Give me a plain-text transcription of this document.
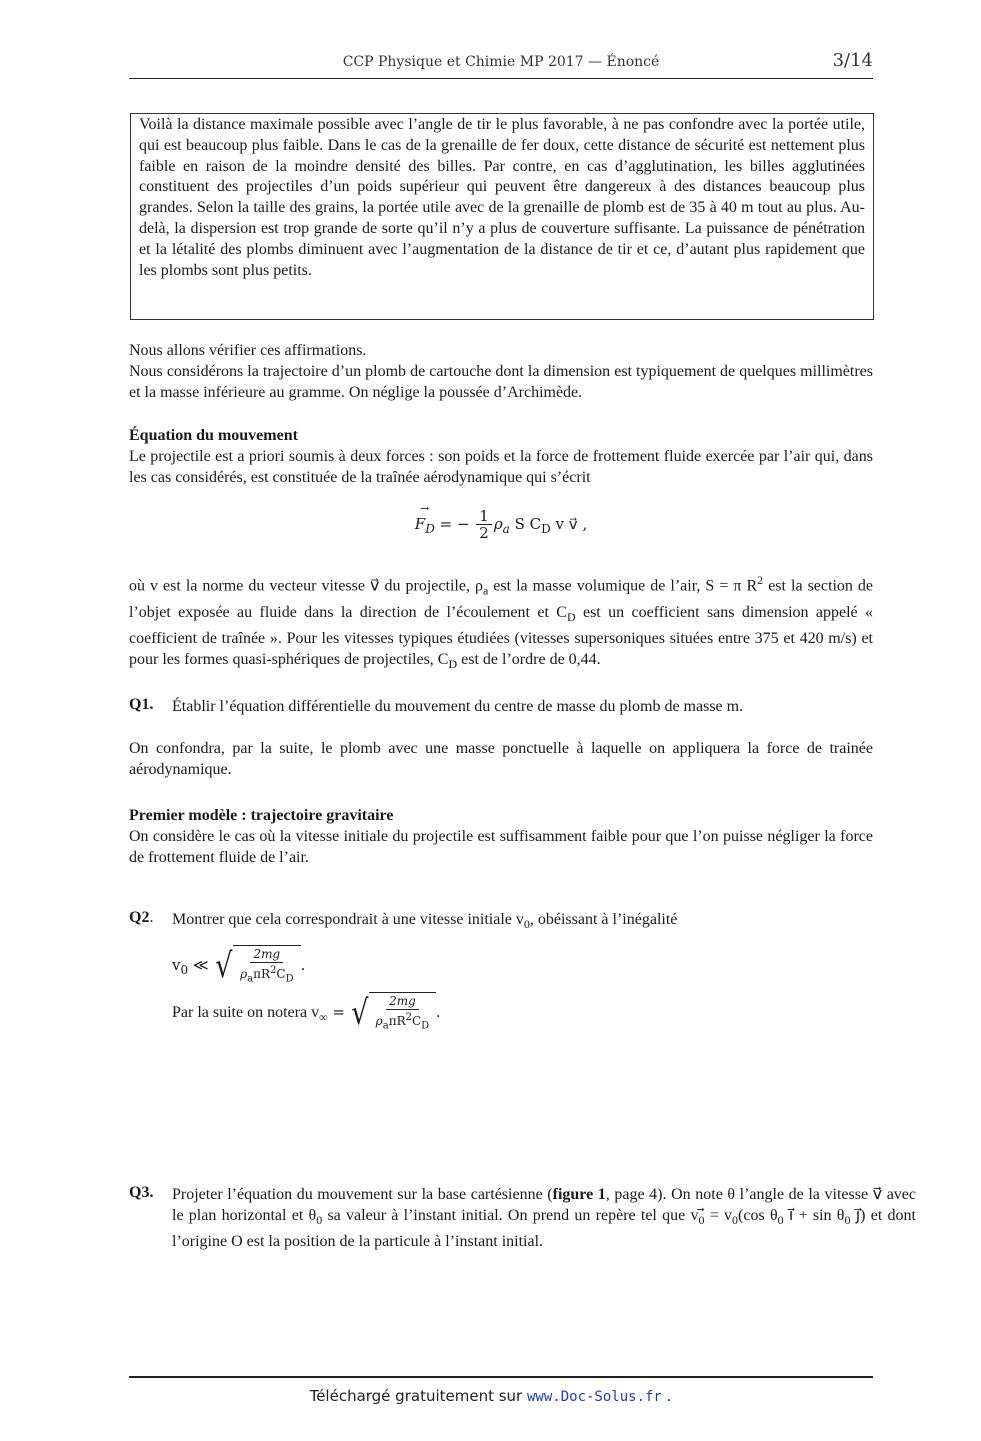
CCP Physique et Chimie MP 2017 — Énoncé	3/14

Voilà la distance maximale possible avec l’angle de tir le plus favorable, à ne pas confondre avec la portée utile, qui est beaucoup plus faible. Dans le cas de la grenaille de fer doux, cette distance de sécurité est nettement plus faible en raison de la moindre densité des billes. Par contre, en cas d’agglutination, les billes agglutinées constituent des projectiles d’un poids supérieur qui peuvent être dangereux à des distances beaucoup plus grandes. Selon la taille des grains, la portée utile avec de la grenaille de plomb est de 35 à 40 m tout au plus. Au-delà, la dispersion est trop grande de sorte qu’il n’y a plus de couverture suffisante. La puissance de pénétration et la létalité des plombs diminuent avec l’augmentation de la distance de tir et ce, d’autant plus rapidement que les plombs sont plus petits.

Nous allons vérifier ces affirmations.

Nous considérons la trajectoire d’un plomb de cartouche dont la dimension est typiquement de quelques millimètres et la masse inférieure au gramme. On néglige la poussée d’Archimède.

Équation du mouvement

Le projectile est a priori soumis à deux forces : son poids et la force de frottement fluide exercée par l’air qui, dans les cas considérés, est constituée de la traînée aérodynamique qui s’écrit

→ $F_D$ = − $\frac{1}{2} \rho_a$ S $C_D$ v v⃗ ,

où v est la norme du vecteur vitesse v⃗ du projectile, $\rho_a$ est la masse volumique de l’air, S = π $R^2$ est la section de l’objet exposée au fluide dans la direction de l’écoulement et $C_D$ est un coefficient sans dimension appelé « coefficient de traînée ». Pour les vitesses typiques étudiées (vitesses supersoniques situées entre 375 et 420 m/s) et pour les formes quasi-sphériques de projectiles, $C_D$ est de l’ordre de 0,44.

Q1. Établir l’équation différentielle du mouvement du centre de masse du plomb de masse m.

On confondra, par la suite, le plomb avec une masse ponctuelle à laquelle on appliquera la force de trainée aérodynamique.

Premier modèle : trajectoire gravitaire

On considère le cas où la vitesse initiale du projectile est suffisamment faible pour que l’on puisse négliger la force de frottement fluide de l’air.

Q2. Montrer que cela correspondrait à une vitesse initiale $v_0$, obéissant à l’inégalité

$v_0$ ≪ √ $\frac{2mg}{\rho_a\pi R^2C_D}$ .
Par la suite on notera $v_\infty$ = √ $\frac{2mg}{\rho_a\pi R^2C_D}$ .
Q3. Projeter l’équation du mouvement sur la base cartésienne (figure 1, page 4). On note θ l’angle de la vitesse v⃗ avec le plan horizontal et $\theta_0$ sa valeur à l’instant initial. On prend un repère tel que $v_0 = v_0(\cos$ $\theta_0$ ı⃗ + $\sin \theta_0$ ȷ⃗) et dont l’origine O est la position de la particule à l’instant initial.

Téléchargé gratuitement sur www.Doc-Solus.fr .
